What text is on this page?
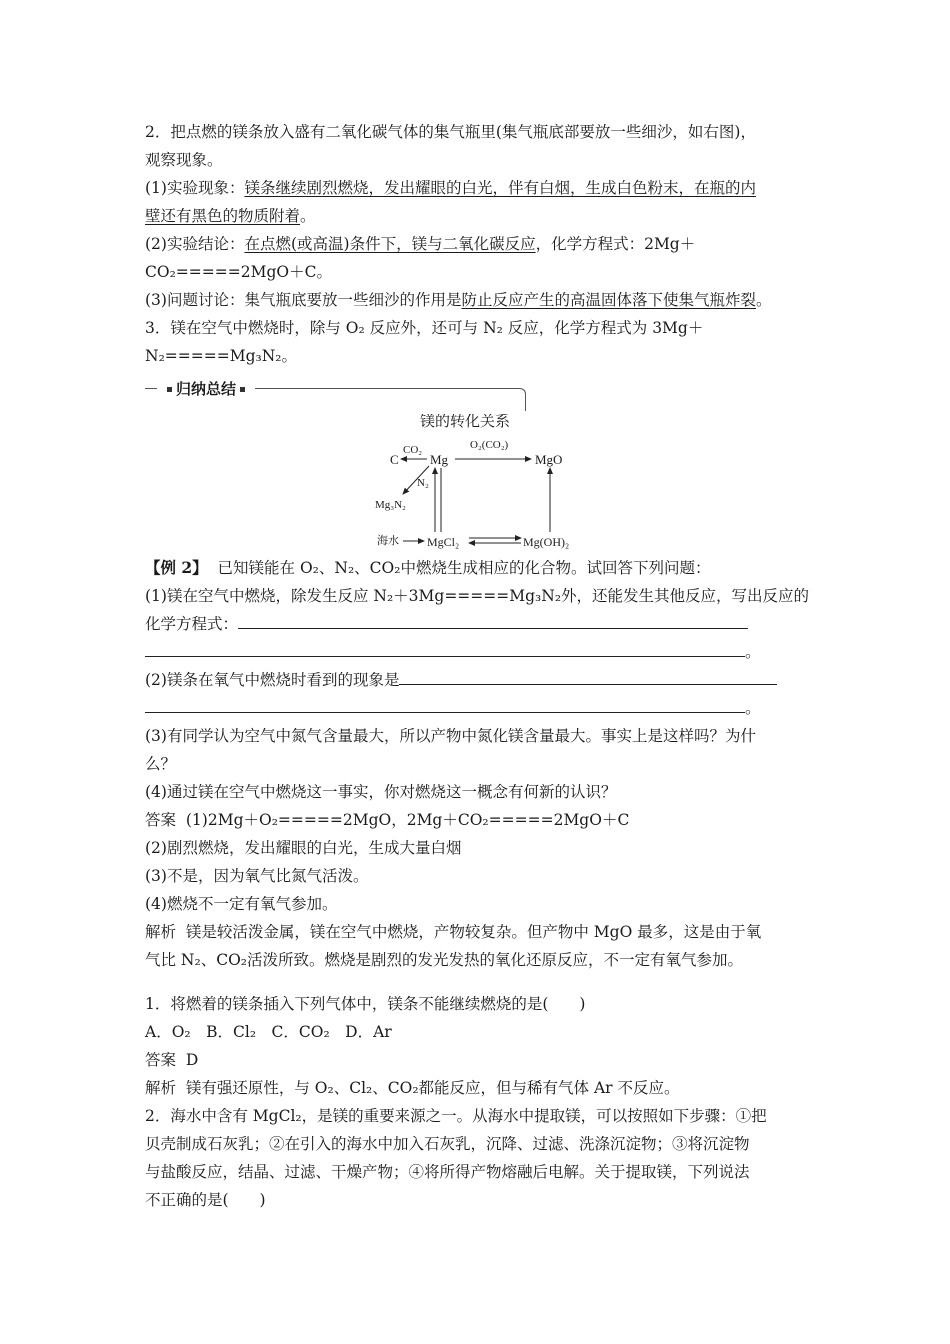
2．把点燃的镁条放入盛有二氧化碳气体的集气瓶里(集气瓶底部要放一些细沙，如右图)，
观察现象。
(1)实验现象：镁条继续剧烈燃烧，发出耀眼的白光，伴有白烟，生成白色粉末，在瓶的内
壁还有黑色的物质附着。
(2)实验结论：在点燃(或高温)条件下，镁与二氧化碳反应，化学方程式：2Mg＋
CO₂=====2MgO＋C。
(3)问题讨论：集气瓶底要放一些细沙的作用是防止反应产生的高温固体落下使集气瓶炸裂。
3．镁在空气中燃烧时，除与 O₂ 反应外，还可与 N₂ 反应，化学方程式为 3Mg＋
N₂=====Mg₃N₂。
归纳总结
镁的转化关系
C Mg	MgO
Mg₃N₂
海水 MgCl₂	Mg(OH)₂
CO₂	O₂(CO₂)
N₂
【例 2】 已知镁能在 O₂、N₂、CO₂中燃烧生成相应的化合物。试回答下列问题：
(1)镁在空气中燃烧，除发生反应 N₂＋3Mg=====Mg₃N₂外，还能发生其他反应，写出反应的
化学方程式：
。
(2)镁条在氧气中燃烧时看到的现象是
。
(3)有同学认为空气中氮气含量最大，所以产物中氮化镁含量最大。事实上是这样吗？为什
么？
(4)通过镁在空气中燃烧这一事实，你对燃烧这一概念有何新的认识？
答案 (1)2Mg＋O₂=====2MgO，2Mg＋CO₂=====2MgO＋C
(2)剧烈燃烧，发出耀眼的白光，生成大量白烟
(3)不是，因为氧气比氮气活泼。
(4)燃烧不一定有氧气参加。
解析 镁是较活泼金属，镁在空气中燃烧，产物较复杂。但产物中 MgO 最多，这是由于氧
气比 N₂、CO₂活泼所致。燃烧是剧烈的发光发热的氧化还原反应，不一定有氧气参加。
1．将燃着的镁条插入下列气体中，镁条不能继续燃烧的是(　　)
A．O₂　B．Cl₂　C．CO₂　D．Ar
答案 D
解析 镁有强还原性，与 O₂、Cl₂、CO₂都能反应，但与稀有气体 Ar 不反应。
2．海水中含有 MgCl₂，是镁的重要来源之一。从海水中提取镁，可以按照如下步骤：①把
贝壳制成石灰乳；②在引入的海水中加入石灰乳，沉降、过滤、洗涤沉淀物；③将沉淀物
与盐酸反应，结晶、过滤、干燥产物；④将所得产物熔融后电解。关于提取镁，下列说法
不正确的是(　　)
